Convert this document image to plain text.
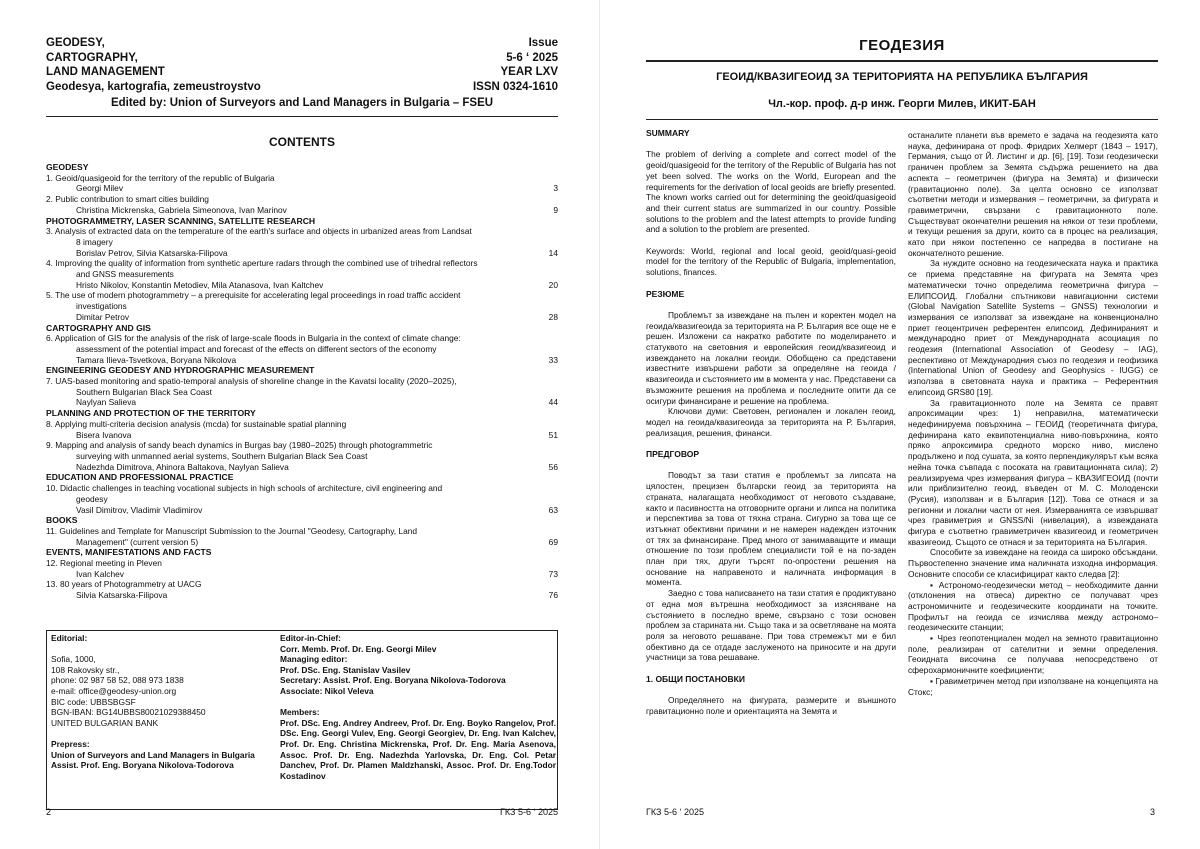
GEODESY,
CARTOGRAPHY,
LAND MANAGEMENT
Geodesya, kartografia, zemeustroystvo
Issue
5-6 ‘ 2025
YEAR LXV
ISSN 0324-1610
Edited by: Union of Surveyors and Land Managers in Bulgaria – FSEU
CONTENTS
GEODESY
1. Geoid/quasigeoid for the territory of the republic of Bulgaria
Georgi Milev	3
2. Public contribution to smart cities building
Christina Mickrenska, Gabriela Simeonova, Ivan Marinov	9
PHOTOGRAMMETRY, LASER SCANNING, SATELLITE RESEARCH
3. Analysis of extracted data on the temperature of the earth's surface and objects in urbanized areas from Landsat
8 imagery
Borislav Petrov, Silvia Katsarska-Filipova	14
4. Improving the quality of information from synthetic aperture radars through the combined use of trihedral reflectors
and GNSS measurements
Hristo Nikolov, Konstantin Metodiev, Mila Atanasova, Ivan Kaltchev	20
5. The use of modern photogrammetry – a prerequisite for accelerating legal proceedings in road traffic accident
investigations
Dimitar Petrov	28
CARTOGRAPHY AND GIS
6. Application of GIS for the analysis of the risk of large-scale floods in Bulgaria in the context of climate change:
assessment of the potential impact and forecast of the effects on different sectors of the economy
Tamara Ilieva-Tsvetkova, Boryana Nikolova	33
ENGINEERING GEODESY AND HYDROGRAPHIC MEASUREMENT
7. UAS-based monitoring and spatio-temporal analysis of shoreline change in the Kavatsi locality (2020–2025),
Southern Bulgarian Black Sea Coast
Naylyan Salieva	44
PLANNING AND PROTECTION OF THE TERRITORY
8. Applying multi-criteria decision analysis (mcda) for sustainable spatial planning
Bisera Ivanova	51
9. Mapping and analysis of sandy beach dynamics in Burgas bay (1980–2025) through photogrammetric
surveying with unmanned aerial systems, Southern Bulgarian Black Sea Coast
Nadezhda Dimitrova, Ahinora Baltakova, Naylyan Salieva	56
EDUCATION AND PROFESSIONAL PRACTICE
10. Didactic challenges in teaching vocational subjects in high schools of architecture, civil engineering and
geodesy
Vasil Dimitrov, Vladimir Vladimirov	63
BOOKS
11. Guidelines and Template for Manuscript Submission to the Journal "Geodesy, Cartography, Land
Management" (current version 5)	69
EVENTS, MANIFESTATIONS AND FACTS
12. Regional meeting in Pleven
Ivan Kalchev	73
13. 80 years of Photogrammetry at UACG
Silvia Katsarska-Filipova	76
Editorial:
Sofia, 1000,
108 Rakovsky str.,
phone: 02 987 58 52, 088 973 1838
e-mail: office@geodesy-union.org
BIC code: UBBSBGSF
BGN-IBAN: BG14UBBS80021029388450
UNITED BULGARIAN BANK
Prepress:
Union of Surveyors and Land Managers in Bulgaria
Assist. Prof. Eng. Boryana Nikolova-Todorova
Editor-in-Chief:
Corr. Memb. Prof. Dr. Eng. Georgi Milev
Managing editor:
Prof. DSc. Eng. Stanislav Vasilev
Secretary: Assist. Prof. Eng. Boryana Nikolova-Todorova
Associate: Nikol Veleva
Members:
Prof. DSc. Eng. Andrey Andreev, Prof. Dr. Eng. Boyko Rangelov, Prof. DSc. Eng. Georgi Vulev, Eng. Georgi Georgiev, Dr. Eng. Ivan Kalchev, Prof. Dr. Eng. Christina Mickrenska, Prof. Dr. Eng. Maria Asenova, Assoc. Prof. Dr. Eng. Nadezhda Yarlovska, Dr. Eng. Col. Petar Danchev, Prof. Dr. Plamen Maldzhanski, Assoc. Prof. Dr. Eng.Todor Kostadinov
2	ГКЗ 5-6 ‘ 2025
ГЕОДЕЗИЯ
ГЕОИД/КВАЗИГЕОИД ЗА ТЕРИТОРИЯТА НА РЕПУБЛИКА БЪЛГАРИЯ
Чл.-кор. проф. д-р инж. Георги Милев, ИКИТ-БАН

SUMMARY

The problem of deriving a complete and correct model of the geoid/quasigeoid for the territory of the Republic of Bulgaria has not yet been solved. The works on the World, European and the requirements for the derivation of local geoids are briefly presented. The known works carried out for determining the geoid/quasigeoid and their current status are summarized in our country. Possible solutions to the problem and the latest attempts to provide funding and a solution to the problem are presented.

Keywords: World, regional and local geoid, geoid/quasi-geoid model for the territory of the Republic of Bulgaria, implementation, solutions, finances.

РЕЗЮМЕ

Проблемът за извеждане на пълен и коректен модел на геоида/квазигеоида за територията на Р. България все още не е решен. Изложени са накратко работите по моделирането и статуквото на световния и европейския геоид/квазигеоид и извеждането на локални геоиди. Обобщено са представени известните извършени работи за определяне на геоида /квазигеоида и състоянието им в момента у нас. Представени са възможните решения на проблема и последните опити да се осигури финансиране и решение на проблема.

Ключови думи: Световен, регионален и локален геоид, модел на геоида/квазигеоида за територията на Р. България, реализация, решения, финанси.

ПРЕДГОВОР

Поводът за тази статия е проблемът за липсата на цялостен, прецизен български геоид за територията на страната, налагащата необходимост от неговото създаване, както и пасивността на отговорните органи и липса на политика и перспектива за това от тяхна страна. Сигурно за това ще се изтъкнат обективни причини и не намерен надежден източник от тях за финансиране. Пред много от занимаващите и имащи отношение по този проблем специалисти той е на по-заден план при тях, други търсят по-опростени решения на основание на направеното и наличната информация в момента.

Заедно с това написването на тази статия е продиктувано от една моя вътрешна необходимост за изясняване на състоянието в последно време, свързано с този основен проблем за старината ни. Също така и за осветляване на моята роля за неговото решаване. При това стремежът ми е бил обективно да се отдаде заслуженото на приносите и на други участници за това решаване.

1. ОБЩИ ПОСТАНОВКИ

Определянето на фигурата, размерите и външното гравитационно поле и ориентацията на Земята и

останалите планети във времето е задача на геодезията като наука, дефинирана от проф. Фридрих Хелмерт (1843 – 1917), Германия, също от Й. Листинг и др. [6], [19]. Този геодезически граничен проблем за Земята съдържа решението на два аспекта – геометричен (фигура на Земята) и физически (гравитационно поле). За целта основно се използват съответни методи и измервания – геометрични, за фигурата и гравиметрични, свързани с гравитационното поле. Съществуват окончателни решения на някои от тези проблеми, и текущи решения за други, които са в процес на реализация, като при някои постепенно се напредва в постигане на окончателното решение.

За нуждите основно на геодезическата наука и практика се приема представяне на фигурата на Земята чрез математически точно определима геометрична фигура – ЕЛИПСОИД. Глобални спътникови навигационни системи (Global Navigation Satellite Systems – GNSS) технологии и измервания се използват за извеждане на конвенционално приет геоцентричен референтен елипсоид. Дефинираният и международно приет от Международната асоциация по геодезия (International Association of Geodesy – IAG), респективно от Международния съюз по геодезия и геофизика (International Union of Geodesy and Geophysics - IUGG) се използва в световната наука и практика – Референтния елипсоид GRS80 [19].

За гравитационното поле на Земята се правят апроксимации чрез: 1) неправилна, математически недефинируема повърхнина – ГЕОИД (теоретичната фигура, дефинирана като еквипотенциална ниво-повърхнина, която пряко апроксимира средното морско ниво, мислено продължено и под сушата, за която перпендикулярът към всяка нейна точка съвпада с посоката на гравитационната сила); 2) реализируема чрез измервания фигура – КВАЗИГЕОИД (почти или приблизително геоид, въведен от М. С. Молоденски (Русия), използван и в България [12]). Това се отнася и за регионни и локални части от нея. Измерванията се извършват чрез гравиметрия и GNSS/Ni (нивелация), а извежданата фигура е съответно гравиметричен квазигеоид и геометричен квазигеоид. Същото се отнася и за територията на България.

Способите за извеждане на геоида са широко обсъждани. Първостепенно значение има наличната изходна информация. Основните способи се класифицират както следва [2]:

▪ Астрономо-геодезически метод – необходимите данни (отклонения на отвеса) директно се получават чрез астрономичните и геодезическите координати на точките. Профилът на геоида се изчислява между астрономо–геодезическите станции;

▪ Чрез геопотенциален модел на земното гравитационно поле, реализиран от сателитни и земни определения. Геоидната височина се получава непосредствено от сферохармоничните коефициенти;

▪ Гравиметричен метод при използване на концепцията на Стокс;

ГКЗ 5-6 ‘ 2025	3
